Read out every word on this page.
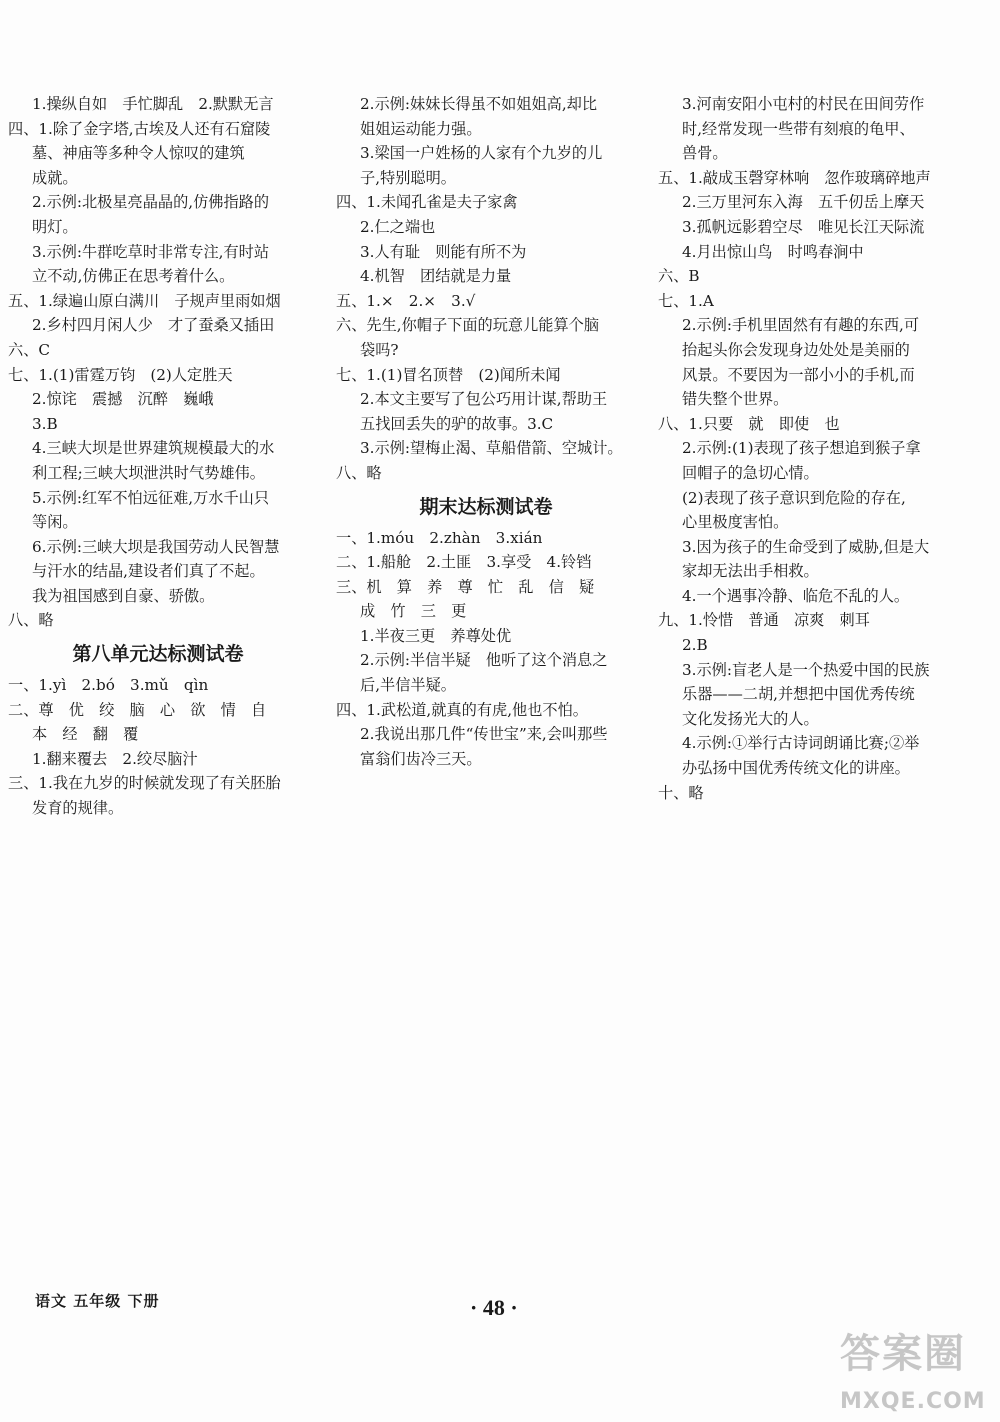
1.操纵自如　手忙脚乱　2.默默无言
四、1.除了金字塔,古埃及人还有石窟陵
墓、神庙等多种令人惊叹的建筑
成就。
2.示例:北极星亮晶晶的,仿佛指路的
明灯。
3.示例:牛群吃草时非常专注,有时站
立不动,仿佛正在思考着什么。
五、1.绿遍山原白满川　子规声里雨如烟
2.乡村四月闲人少　才了蚕桑又插田
六、C
七、1.(1)雷霆万钧　(2)人定胜天
2.惊诧　震撼　沉醉　巍峨
3.B
4.三峡大坝是世界建筑规模最大的水
利工程;三峡大坝泄洪时气势雄伟。
5.示例:红军不怕远征难,万水千山只
等闲。
6.示例:三峡大坝是我国劳动人民智慧
与汗水的结晶,建设者们真了不起。
我为祖国感到自豪、骄傲。
八、略
第八单元达标测试卷
一、1.yì　2.bó　3.mǔ　qìn
二、尊　优　绞　脑　心　欲　情　自
本　经　翻　覆
1.翻来覆去　2.绞尽脑汁
三、1.我在九岁的时候就发现了有关胚胎
发育的规律。
2.示例:妹妹长得虽不如姐姐高,却比
姐姐运动能力强。
3.梁国一户姓杨的人家有个九岁的儿
子,特别聪明。
四、1.未闻孔雀是夫子家禽
2.仁之端也
3.人有耻　则能有所不为
4.机智　团结就是力量
五、1.×　2.×　3.√
六、先生,你帽子下面的玩意儿能算个脑
袋吗?
七、1.(1)冒名顶替　(2)闻所未闻
2.本文主要写了包公巧用计谋,帮助王
五找回丢失的驴的故事。3.C
3.示例:望梅止渴、草船借箭、空城计。
八、略
期末达标测试卷
一、1.móu　2.zhàn　3.xián
二、1.船舱　2.土匪　3.享受　4.铃铛
三、机　算　养　尊　忙　乱　信　疑
成　竹　三　更
1.半夜三更　养尊处优
2.示例:半信半疑　他听了这个消息之
后,半信半疑。
四、1.武松道,就真的有虎,他也不怕。
2.我说出那几件“传世宝”来,会叫那些
富翁们齿冷三天。
3.河南安阳小屯村的村民在田间劳作
时,经常发现一些带有刻痕的龟甲、
兽骨。
五、1.敲成玉磬穿林响　忽作玻璃碎地声
2.三万里河东入海　五千仞岳上摩天
3.孤帆远影碧空尽　唯见长江天际流
4.月出惊山鸟　时鸣春涧中
六、B
七、1.A
2.示例:手机里固然有有趣的东西,可
抬起头你会发现身边处处是美丽的
风景。不要因为一部小小的手机,而
错失整个世界。
八、1.只要　就　即使　也
2.示例:(1)表现了孩子想追到猴子拿
回帽子的急切心情。
(2)表现了孩子意识到危险的存在,
心里极度害怕。
3.因为孩子的生命受到了威胁,但是大
家却无法出手相救。
4.一个遇事冷静、临危不乱的人。
九、1.怜惜　普通　凉爽　刺耳
2.B
3.示例:盲老人是一个热爱中国的民族
乐器——二胡,并想把中国优秀传统
文化发扬光大的人。
4.示例:①举行古诗词朗诵比赛;②举
办弘扬中国优秀传统文化的讲座。
十、略
语文 五年级 下册	· 48 ·
答案圈
MXQE.COM
